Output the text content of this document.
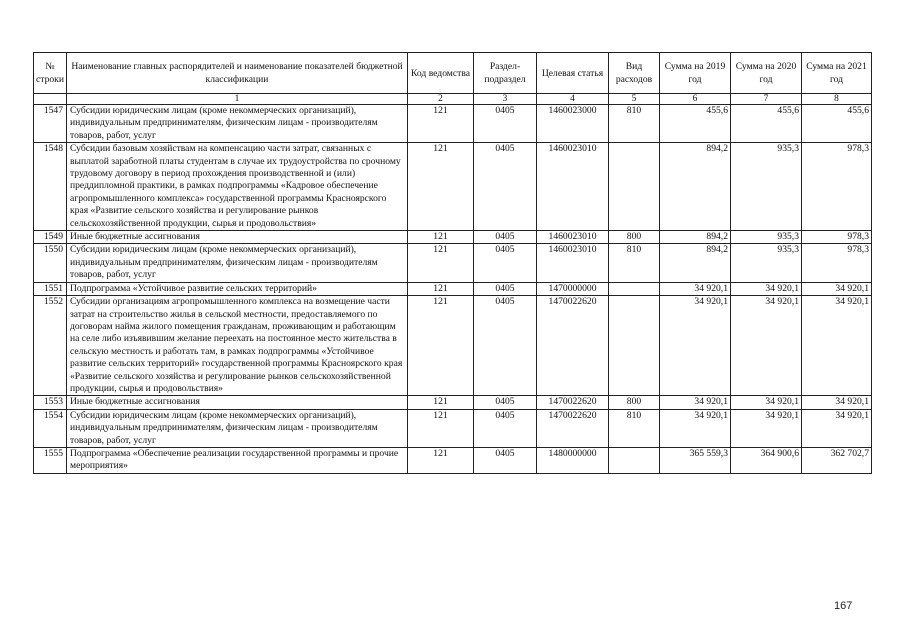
№ строки	Наименование главных распорядителей и наименование показателей бюджетной классификации	Код ведомства	Раздел-подраздел	Целевая статья	Вид расходов	Сумма на 2019 год	Сумма на 2020 год	Сумма на 2021 год
	1	2	3	4	5	6	7	8
1547	Субсидии юридическим лицам (кроме некоммерческих организаций), индивидуальным предпринимателям, физическим лицам - производителям товаров, работ, услуг	121	0405	1460023000	810	455,6	455,6	455,6
1548	Субсидии базовым хозяйствам на компенсацию части затрат, связанных с выплатой заработной платы студентам в случае их трудоустройства по срочному трудовому договору в период прохождения производственной и (или) преддипломной практики, в рамках подпрограммы «Кадровое обеспечение агропромышленного комплекса» государственной программы Красноярского края «Развитие сельского хозяйства и регулирование рынков сельскохозяйственной продукции, сырья и продовольствия»	121	0405	1460023010		894,2	935,3	978,3
1549	Иные бюджетные ассигнования	121	0405	1460023010	800	894,2	935,3	978,3
1550	Субсидии юридическим лицам (кроме некоммерческих организаций), индивидуальным предпринимателям, физическим лицам - производителям товаров, работ, услуг	121	0405	1460023010	810	894,2	935,3	978,3
1551	Подпрограмма «Устойчивое развитие сельских территорий»	121	0405	1470000000		34 920,1	34 920,1	34 920,1
1552	Субсидии организациям агропромышленного комплекса на возмещение части затрат на строительство жилья в сельской местности, предоставляемого по договорам найма жилого помещения гражданам, проживающим и работающим на селе либо изъявившим желание переехать на постоянное место жительства в сельскую местность и работать там, в рамках подпрограммы «Устойчивое развитие сельских территорий» государственной программы Красноярского края «Развитие сельского хозяйства и регулирование рынков сельскохозяйственной продукции, сырья и продовольствия»	121	0405	1470022620		34 920,1	34 920,1	34 920,1
1553	Иные бюджетные ассигнования	121	0405	1470022620	800	34 920,1	34 920,1	34 920,1
1554	Субсидии юридическим лицам (кроме некоммерческих организаций), индивидуальным предпринимателям, физическим лицам - производителям товаров, работ, услуг	121	0405	1470022620	810	34 920,1	34 920,1	34 920,1
1555	Подпрограмма «Обеспечение реализации государственной программы и прочие мероприятия»	121	0405	1480000000		365 559,3	364 900,6	362 702,7
167
